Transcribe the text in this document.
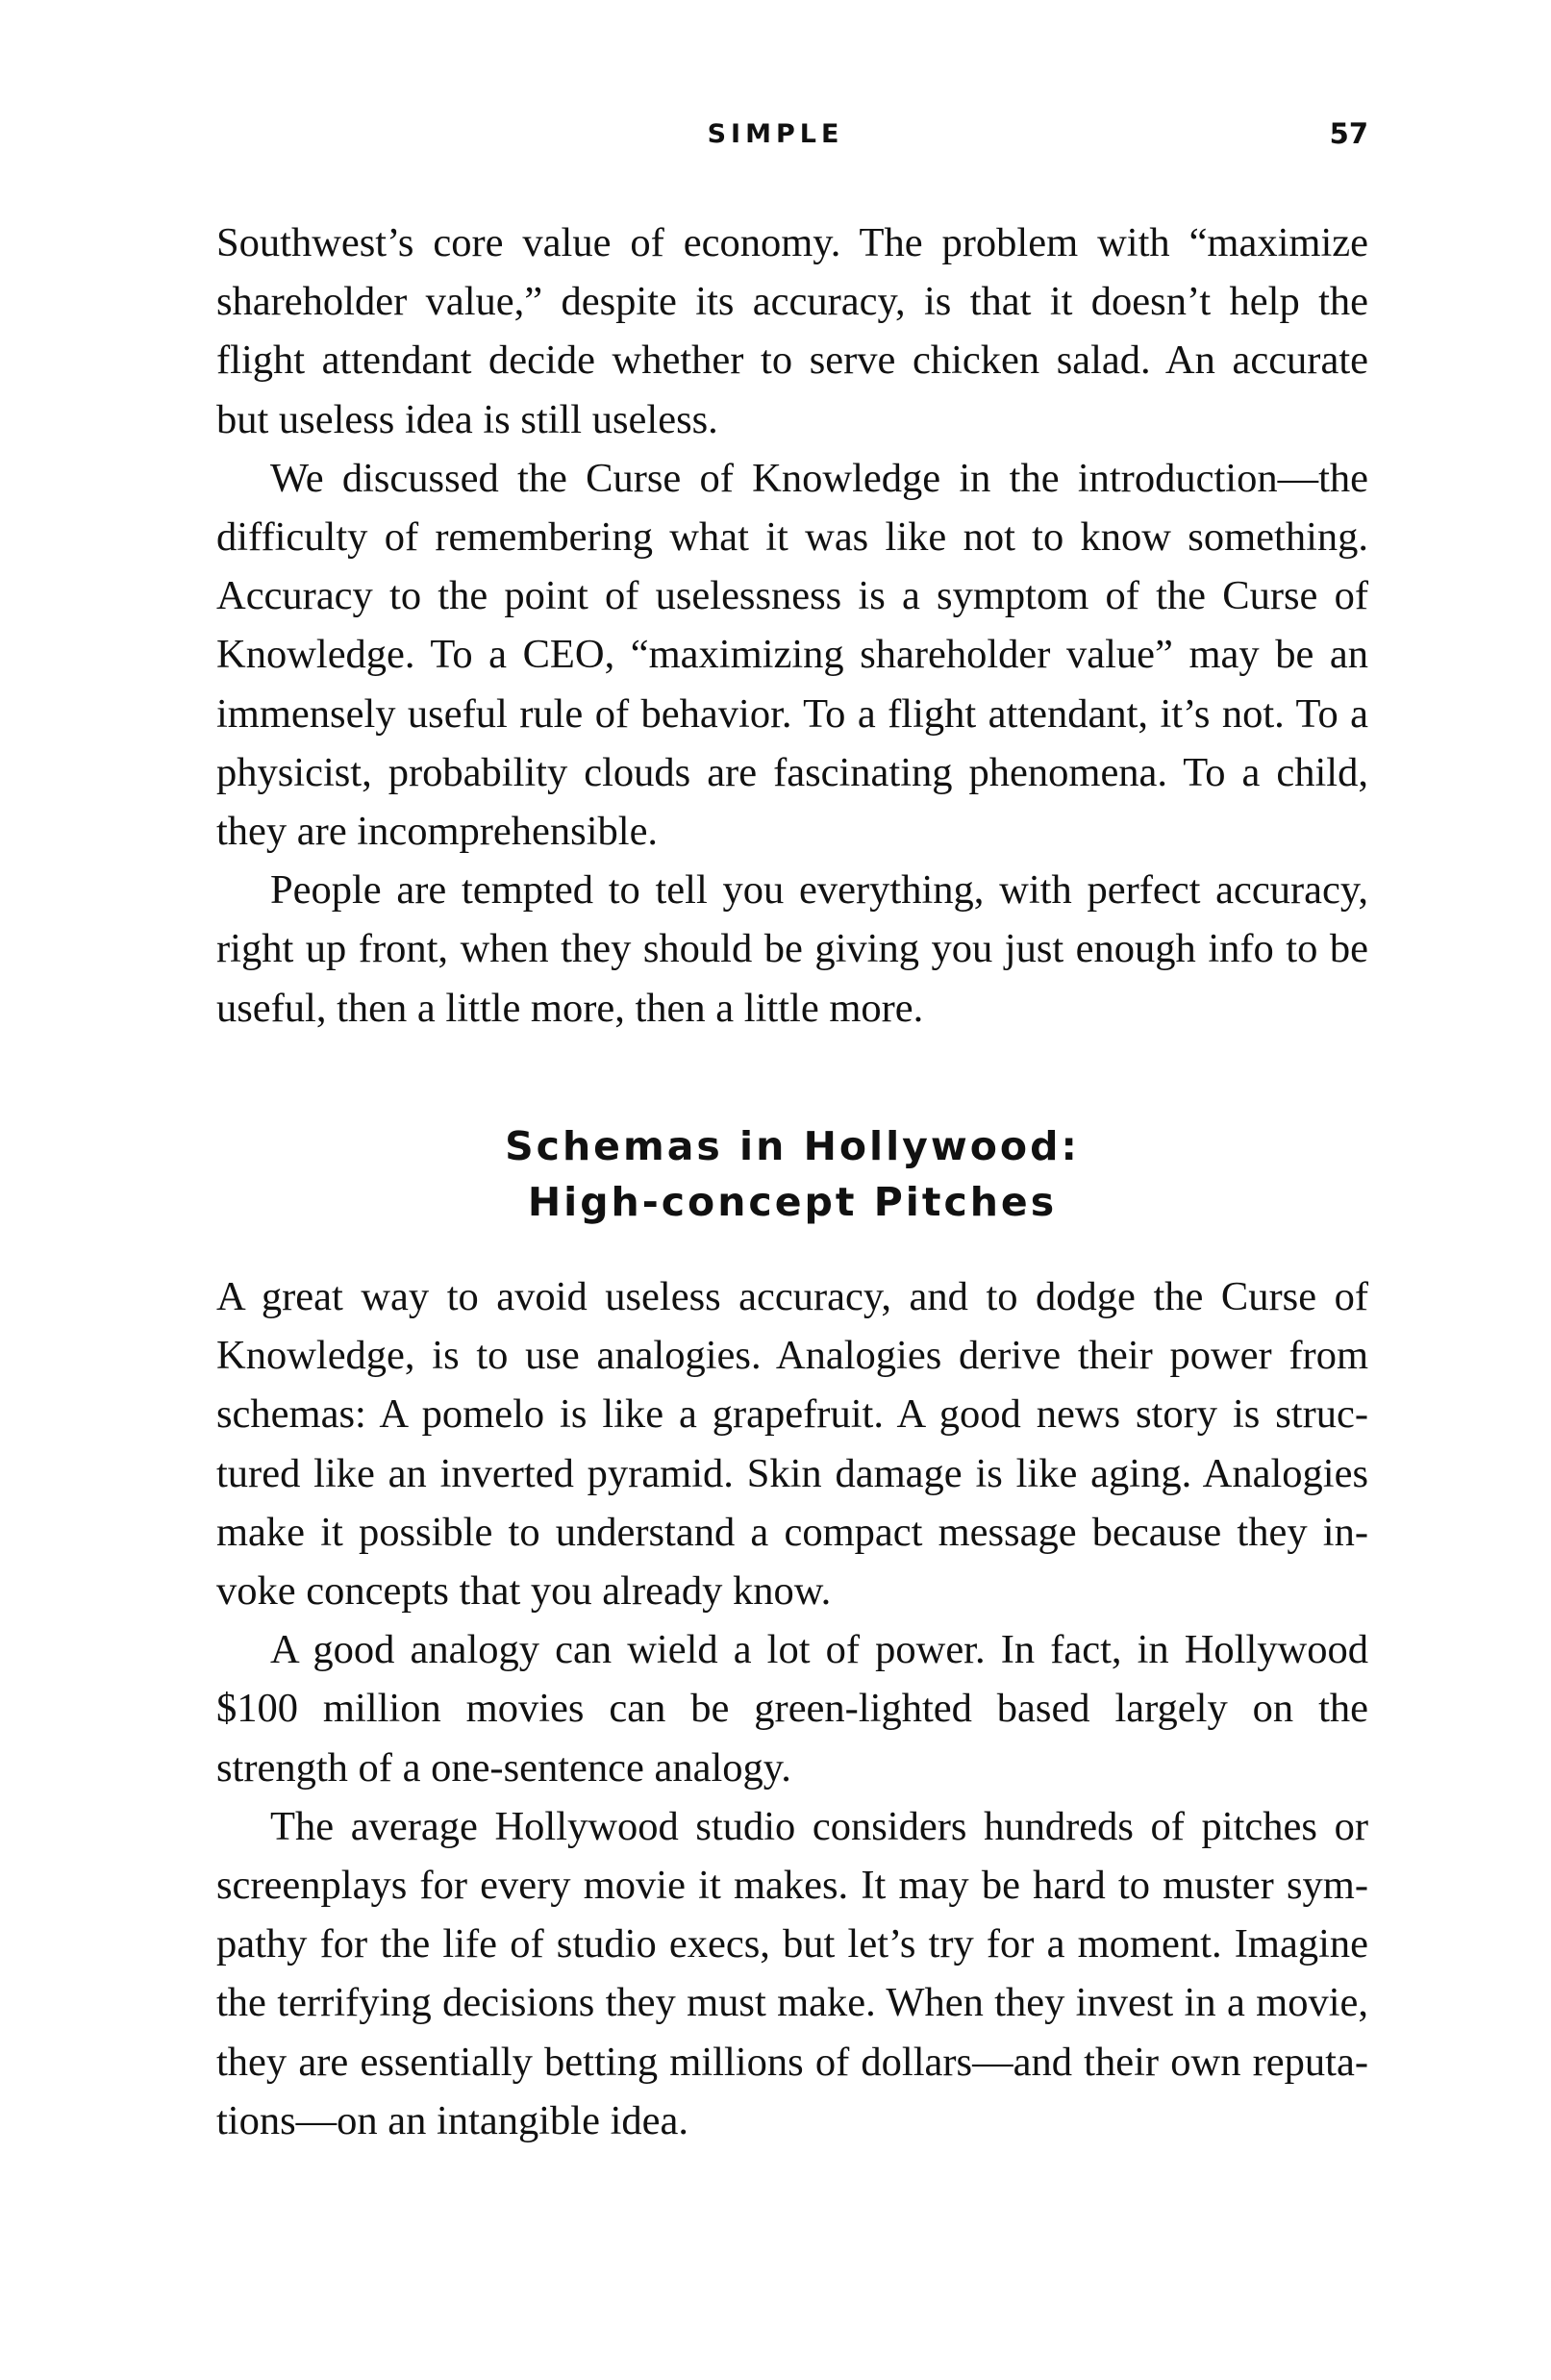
SIMPLE	57

Southwest’s core value of economy. The problem with “maximize shareholder value,” despite its accuracy, is that it doesn’t help the flight attendant decide whether to serve chicken salad. An accurate but useless idea is still useless.

We discussed the Curse of Knowledge in the introduction—the difficulty of remembering what it was like not to know something. Accuracy to the point of uselessness is a symptom of the Curse of Knowledge. To a CEO, “maximizing shareholder value” may be an immensely useful rule of behavior. To a flight attendant, it’s not. To a physicist, probability clouds are fascinating phenomena. To a child, they are incomprehensible.

People are tempted to tell you everything, with perfect accuracy, right up front, when they should be giving you just enough info to be useful, then a little more, then a little more.

Schemas in Hollywood:
High-concept Pitches

A great way to avoid useless accuracy, and to dodge the Curse of Knowledge, is to use analogies. Analogies derive their power from schemas: A pomelo is like a grapefruit. A good news story is structured like an inverted pyramid. Skin damage is like aging. Analogies make it possible to understand a compact message because they invoke concepts that you already know.

A good analogy can wield a lot of power. In fact, in Hollywood $100 million movies can be green-lighted based largely on the strength of a one-sentence analogy.

The average Hollywood studio considers hundreds of pitches or screenplays for every movie it makes. It may be hard to muster sympathy for the life of studio execs, but let’s try for a moment. Imagine the terrifying decisions they must make. When they invest in a movie, they are essentially betting millions of dollars—and their own reputations—on an intangible idea.
